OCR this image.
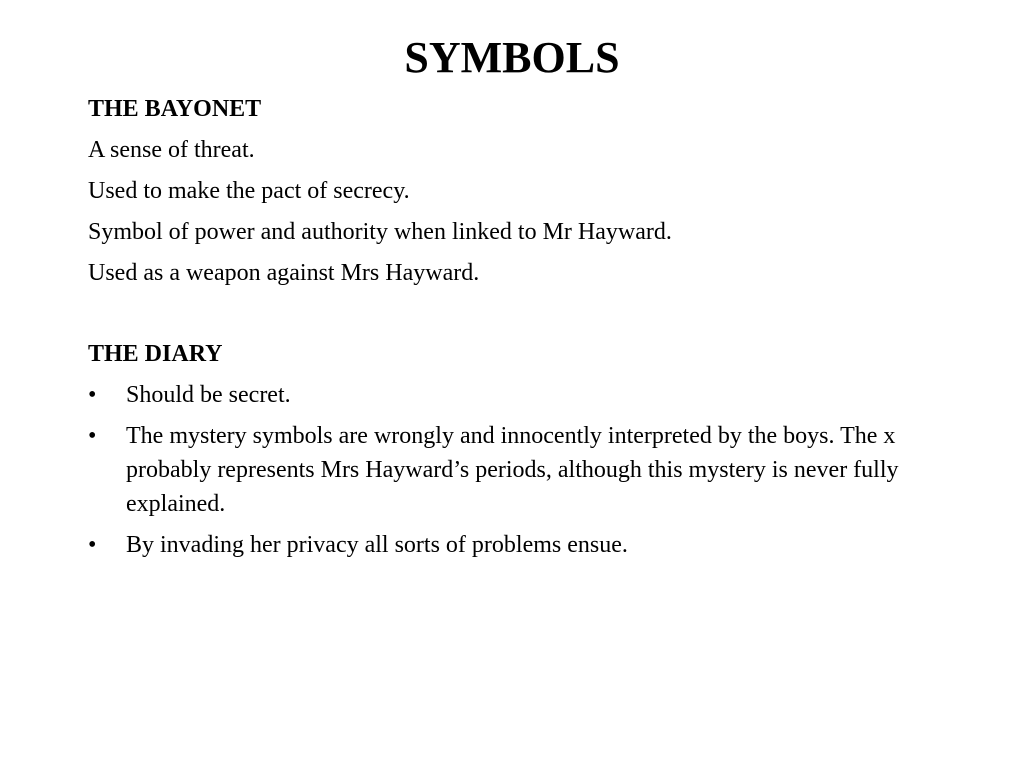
SYMBOLS
THE BAYONET
A sense of threat.
Used to make the pact of secrecy.
Symbol of power and authority when linked to Mr Hayward.
Used as a weapon against Mrs Hayward.
THE DIARY
•	Should be secret.
•	The mystery symbols are wrongly and innocently interpreted by the boys. The x probably represents Mrs Hayward’s periods, although this mystery is never fully explained.
•	By invading her privacy all sorts of problems ensue.
